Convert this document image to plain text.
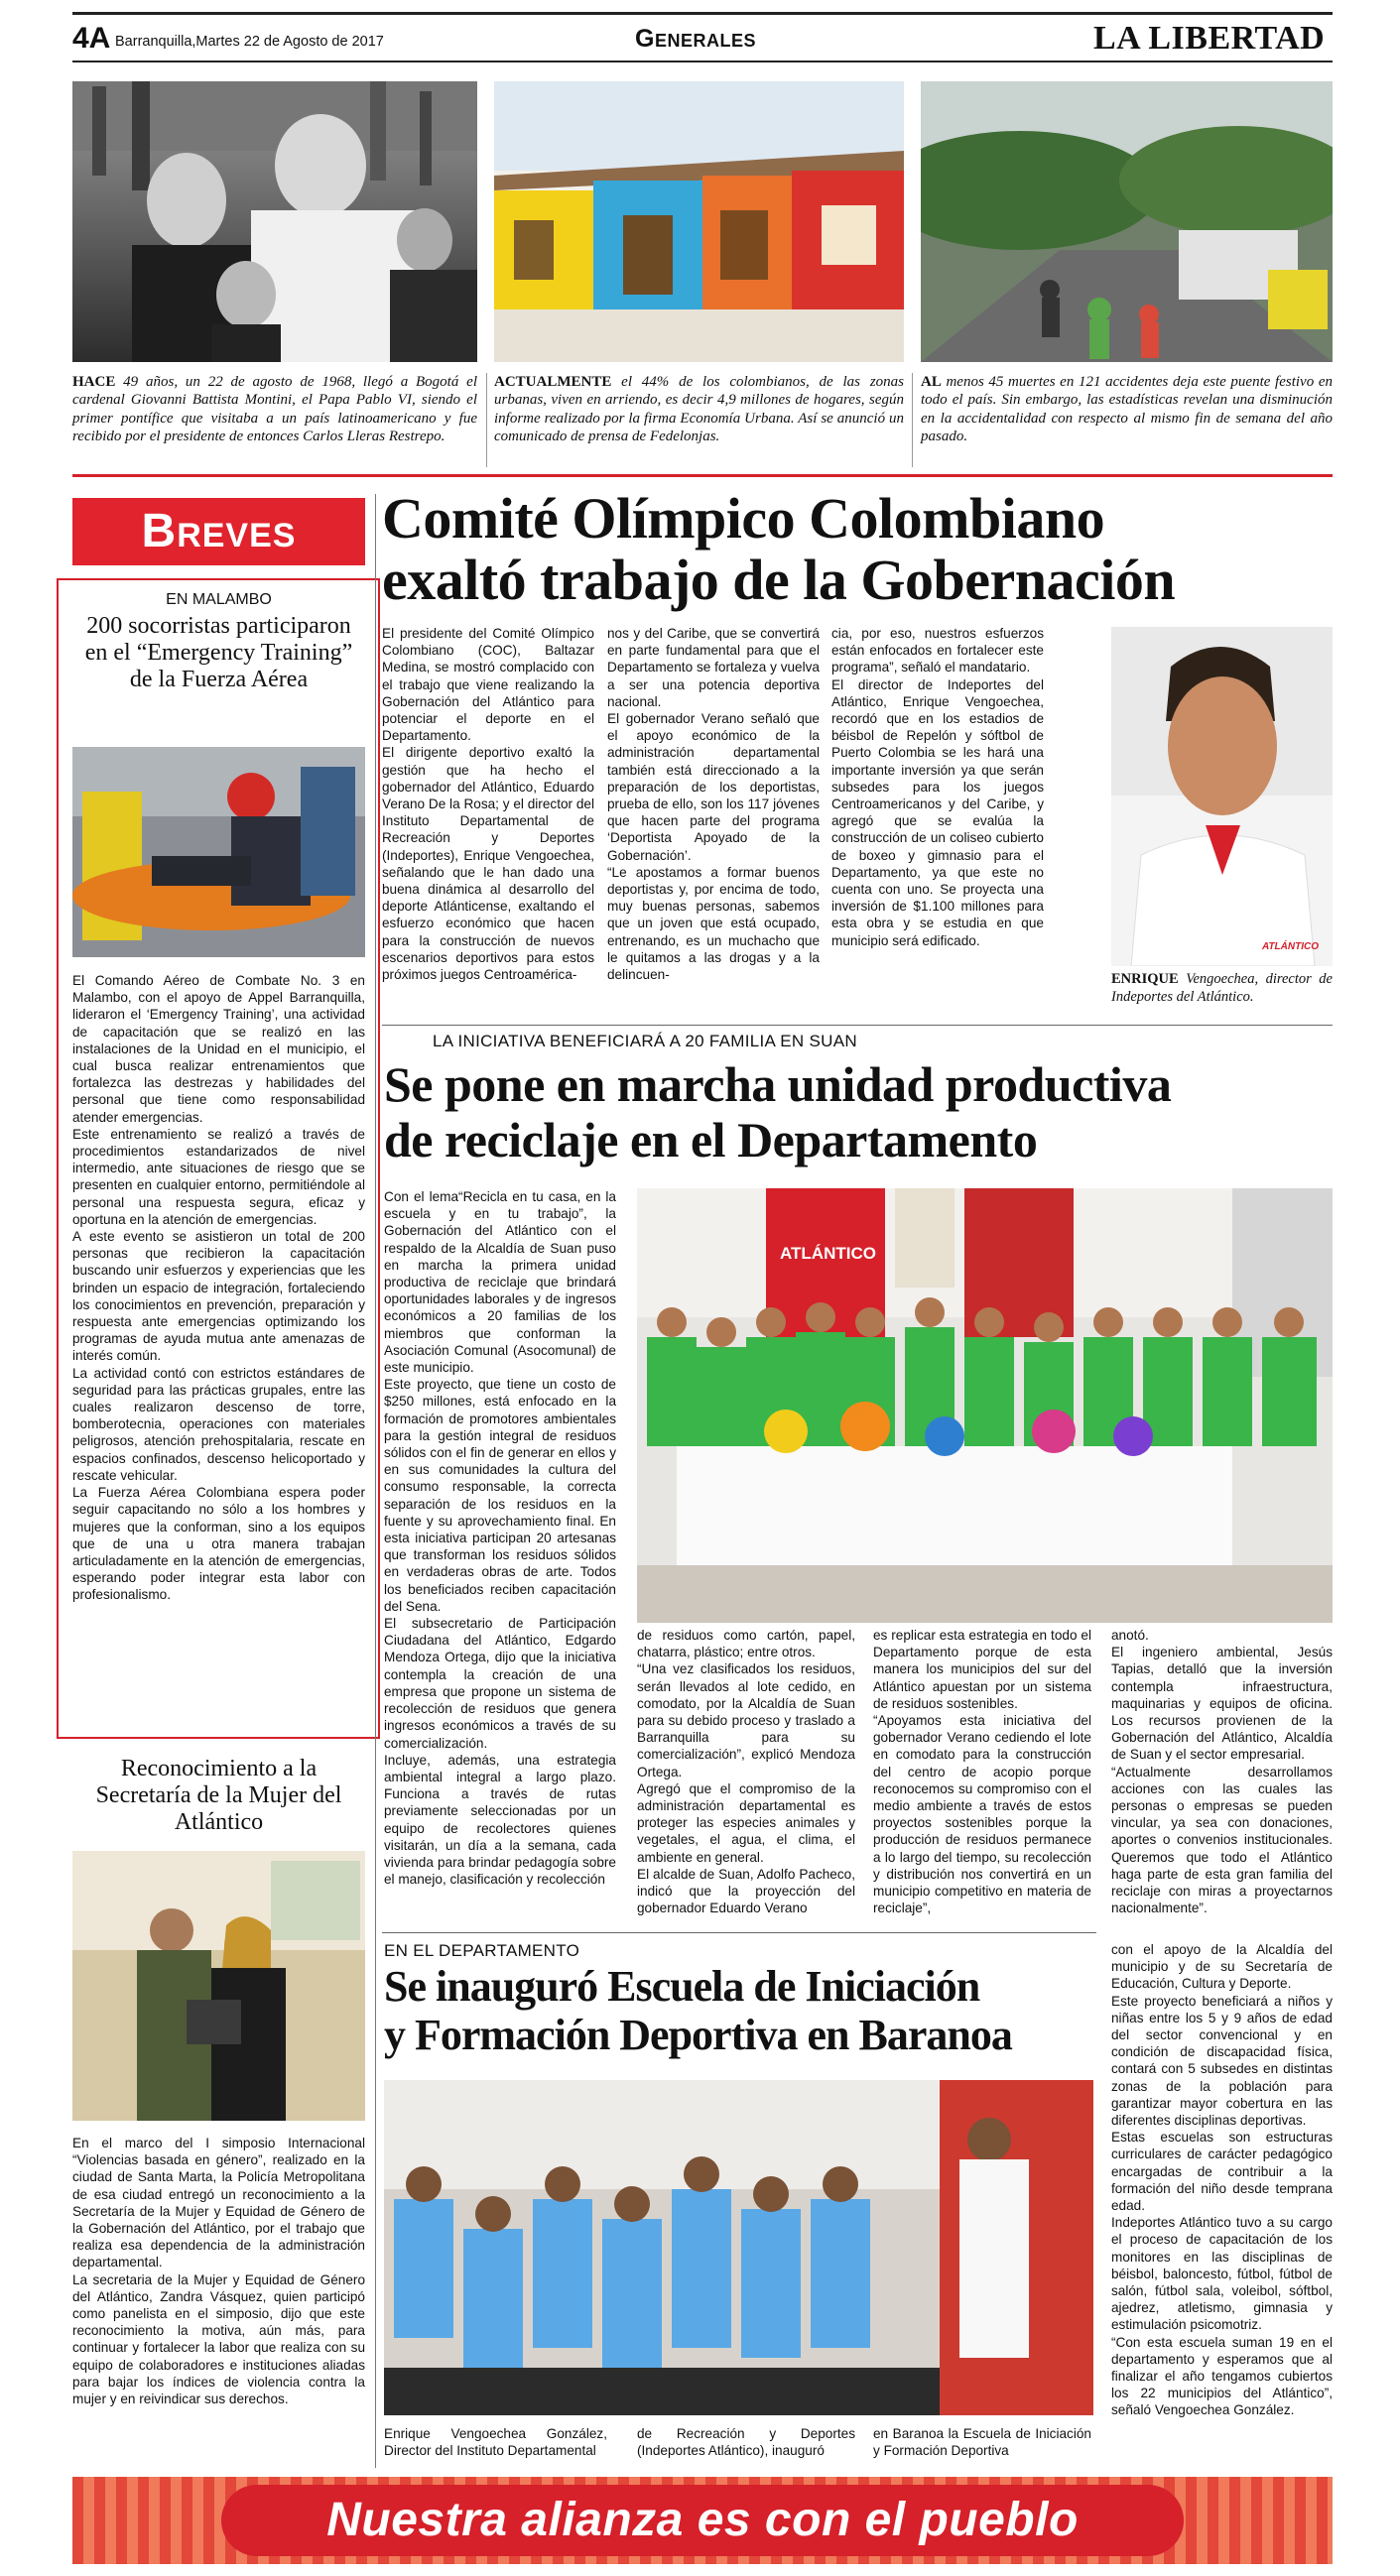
4A Barranquilla,Martes 22 de Agosto de 2017	Generales	LA LIBERTAD
HACE 49 años, un 22 de agosto de 1968, llegó a Bogotá el cardenal Giovanni Battista Montini, el Papa Pablo VI, siendo el primer pontífice que visitaba a un país latinoamericano y fue recibido por el presidente de entonces Carlos Lleras Restrepo.
ACTUALMENTE el 44% de los colombianos, de las zonas urbanas, viven en arriendo, es decir 4,9 millones de hogares, según informe realizado por la firma Economía Urbana. Así se anunció un comunicado de prensa de Fedelonjas.
AL menos 45 muertes en 121 accidentes deja este puente festivo en todo el país. Sin embargo, las estadísticas revelan una disminución en la accidentalidad con respecto al mismo fin de semana del año pasado.
Breves
EN MALAMBO
200 socorristas participaron en el “Emergency Training” de la Fuerza Aérea

El Comando Aéreo de Combate No. 3 en Malambo, con el apoyo de Appel Barranquilla, lideraron el ‘Emergency Training’, una actividad de capacitación que se realizó en las instalaciones de la Unidad en el municipio, el cual busca realizar entrenamientos que fortalezca las destrezas y habilidades del personal que tiene como responsabilidad atender emergencias.

Este entrenamiento se realizó a través de procedimientos estandarizados de nivel intermedio, ante situaciones de riesgo que se presenten en cualquier entorno, permitiéndole al personal una respuesta segura, eficaz y oportuna en la atención de emergencias.

A este evento se asistieron un total de 200 personas que recibieron la capacitación buscando unir esfuerzos y experiencias que les brinden un espacio de integración, fortaleciendo los conocimientos en prevención, preparación y respuesta ante emergencias optimizando los programas de ayuda mutua ante amenazas de interés común.

La actividad contó con estrictos estándares de seguridad para las prácticas grupales, entre las cuales realizaron descenso de torre, bomberotecnia, operaciones con materiales peligrosos, atención prehospitalaria, rescate en espacios confinados, descenso helicoportado y rescate vehicular.

La Fuerza Aérea Colombiana espera poder seguir capacitando no sólo a los hombres y mujeres que la conforman, sino a los equipos que de una u otra manera trabajan articuladamente en la atención de emergencias, esperando poder integrar esta labor con profesionalismo.

Reconocimiento a la Secretaría de la Mujer del Atlántico

En el marco del I simposio Internacional “Violencias basada en género”, realizado en la ciudad de Santa Marta, la Policía Metropolitana de esa ciudad entregó un reconocimiento a la Secretaría de la Mujer y Equidad de Género de la Gobernación del Atlántico, por el trabajo que realiza esa dependencia de la administración departamental.

La secretaria de la Mujer y Equidad de Género del Atlántico, Zandra Vásquez, quien participó como panelista en el simposio, dijo que este reconocimiento la motiva, aún más, para continuar y fortalecer la labor que realiza con su equipo de colaboradores e instituciones aliadas para bajar los índices de violencia contra la mujer y en reivindicar sus derechos.

Comité Olímpico Colombiano
exaltó trabajo de la Gobernación

El presidente del Comité Olímpico Colombiano (COC), Baltazar Medina, se mostró complacido con el trabajo que viene realizando la Gobernación del Atlántico para potenciar el deporte en el Departamento.

El dirigente deportivo exaltó la gestión que ha hecho el gobernador del Atlántico, Eduardo Verano De la Rosa; y el director del Instituto Departamental de Recreación y Deportes (Indeportes), Enrique Vengoechea, señalando que le han dado una buena dinámica al desarrollo del deporte Atlánticense, exaltando el esfuerzo económico que hacen para la construcción de nuevos escenarios deportivos para estos próximos juegos Centroamérica-

nos y del Caribe, que se convertirá en parte fundamental para que el Departamento se fortaleza y vuelva a ser una potencia deportiva nacional.

El gobernador Verano señaló que el apoyo económico de la administración departamental también está direccionado a la preparación de los deportistas, prueba de ello, son los 117 jóvenes que hacen parte del programa ‘Deportista Apoyado de la Gobernación’.

“Le apostamos a formar buenos deportistas y, por encima de todo, muy buenas personas, sabemos que un joven que está ocupado, entrenando, es un muchacho que le quitamos a las drogas y a la delincuen-

cia, por eso, nuestros esfuerzos están enfocados en fortalecer este programa”, señaló el mandatario.

El director de Indeportes del Atlántico, Enrique Vengoechea, recordó que en los estadios de béisbol de Repelón y sóftbol de Puerto Colombia se les hará una importante inversión ya que serán subsedes para los juegos Centroamericanos y del Caribe, y agregó que se evalúa la construcción de un coliseo cubierto de boxeo y gimnasio para el Departamento, ya que este no cuenta con uno. Se proyecta una inversión de $1.100 millones para esta obra y se estudia en que municipio será edificado.	ATLÁNTICO
ENRIQUE Vengoechea, director de Indeportes del Atlántico.
LA INICIATIVA BENEFICIARÁ A 20 FAMILIA EN SUAN
Se pone en marcha unidad productiva
de reciclaje en el Departamento

Con el lema“Recicla en tu casa, en la escuela y en tu trabajo”, la Gobernación del Atlántico con el respaldo de la Alcaldía de Suan puso en marcha la primera unidad productiva de reciclaje que brindará oportunidades laborales y de ingresos económicos a 20 familias de los miembros que conforman la Asociación Comunal (Asocomunal) de este municipio.

Este proyecto, que tiene un costo de $250 millones, está enfocado en la formación de promotores ambientales para la gestión integral de residuos sólidos con el fin de generar en ellos y en sus comunidades la cultura del consumo responsable, la correcta separación de los residuos en la fuente y su aprovechamiento final. En esta iniciativa participan 20 artesanas que transforman los residuos sólidos en verdaderas obras de arte. Todos los beneficiados reciben capacitación del Sena.

El subsecretario de Participación Ciudadana del Atlántico, Edgardo Mendoza Ortega, dijo que la iniciativa contempla la creación de una empresa que propone un sistema de recolección de residuos que genera ingresos económicos a través de su comercialización.

Incluye, además, una estrategia ambiental integral a largo plazo. Funciona a través de rutas previamente seleccionadas por un equipo de recolectores quienes visitarán, un día a la semana, cada vivienda para brindar pedagogía sobre el manejo, clasificación y recolección

ATLÁNTICO

de residuos como cartón, papel, chatarra, plástico; entre otros.

“Una vez clasificados los residuos, serán llevados al lote cedido, en comodato, por la Alcaldía de Suan para su debido proceso y traslado a Barranquilla para su comercialización”, explicó Mendoza Ortega.

Agregó que el compromiso de la administración departamental es proteger las especies animales y vegetales, el agua, el clima, el ambiente en general.

El alcalde de Suan, Adolfo Pacheco, indicó que la proyección del gobernador Eduardo Verano

es replicar esta estrategia en todo el Departamento porque de esta manera los municipios del sur del Atlántico apuestan por un sistema de residuos sostenibles.

“Apoyamos esta iniciativa del gobernador Verano cediendo el lote en comodato para la construcción del centro de acopio porque reconocemos su compromiso con el medio ambiente a través de estos proyectos sostenibles porque la producción de residuos permanece a lo largo del tiempo, su recolección y distribución nos convertirá en un municipio competitivo en materia de reciclaje”,

anotó.

El ingeniero ambiental, Jesús Tapias, detalló que la inversión contempla infraestructura, maquinarias y equipos de oficina. Los recursos provienen de la Gobernación del Atlántico, Alcaldía de Suan y el sector empresarial.

“Actualmente desarrollamos acciones con las cuales las personas o empresas se pueden vincular, ya sea con donaciones, aportes o convenios institucionales. Queremos que todo el Atlántico haga parte de esta gran familia del reciclaje con miras a proyectarnos nacionalmente”.

EN EL DEPARTAMENTO
Se inauguró Escuela de Iniciación
y Formación Deportiva en Baranoa
Enrique Vengoechea González, Director del Instituto Departamental
de Recreación y Deportes (Indeportes Atlántico), inauguró
en Baranoa la Escuela de Iniciación y Formación Deportiva

con el apoyo de la Alcaldía del municipio y de su Secretaría de Educación, Cultura y Deporte.

Este proyecto beneficiará a niños y niñas entre los 5 y 9 años de edad del sector convencional y en condición de discapacidad física, contará con 5 subsedes en distintas zonas de la población para garantizar mayor cobertura en las diferentes disciplinas deportivas.

Estas escuelas son estructuras curriculares de carácter pedagógico encargadas de contribuir a la formación del niño desde temprana edad.

Indeportes Atlántico tuvo a su cargo el proceso de capacitación de los monitores en las disciplinas de béisbol, baloncesto, fútbol, fútbol de salón, fútbol sala, voleibol, sóftbol, ajedrez, atletismo, gimnasia y estimulación psicomotriz.

“Con esta escuela suman 19 en el departamento y esperamos que al finalizar el año tengamos cubiertos los 22 municipios del Atlántico”, señaló Vengoechea González.

Nuestra alianza es con el pueblo
